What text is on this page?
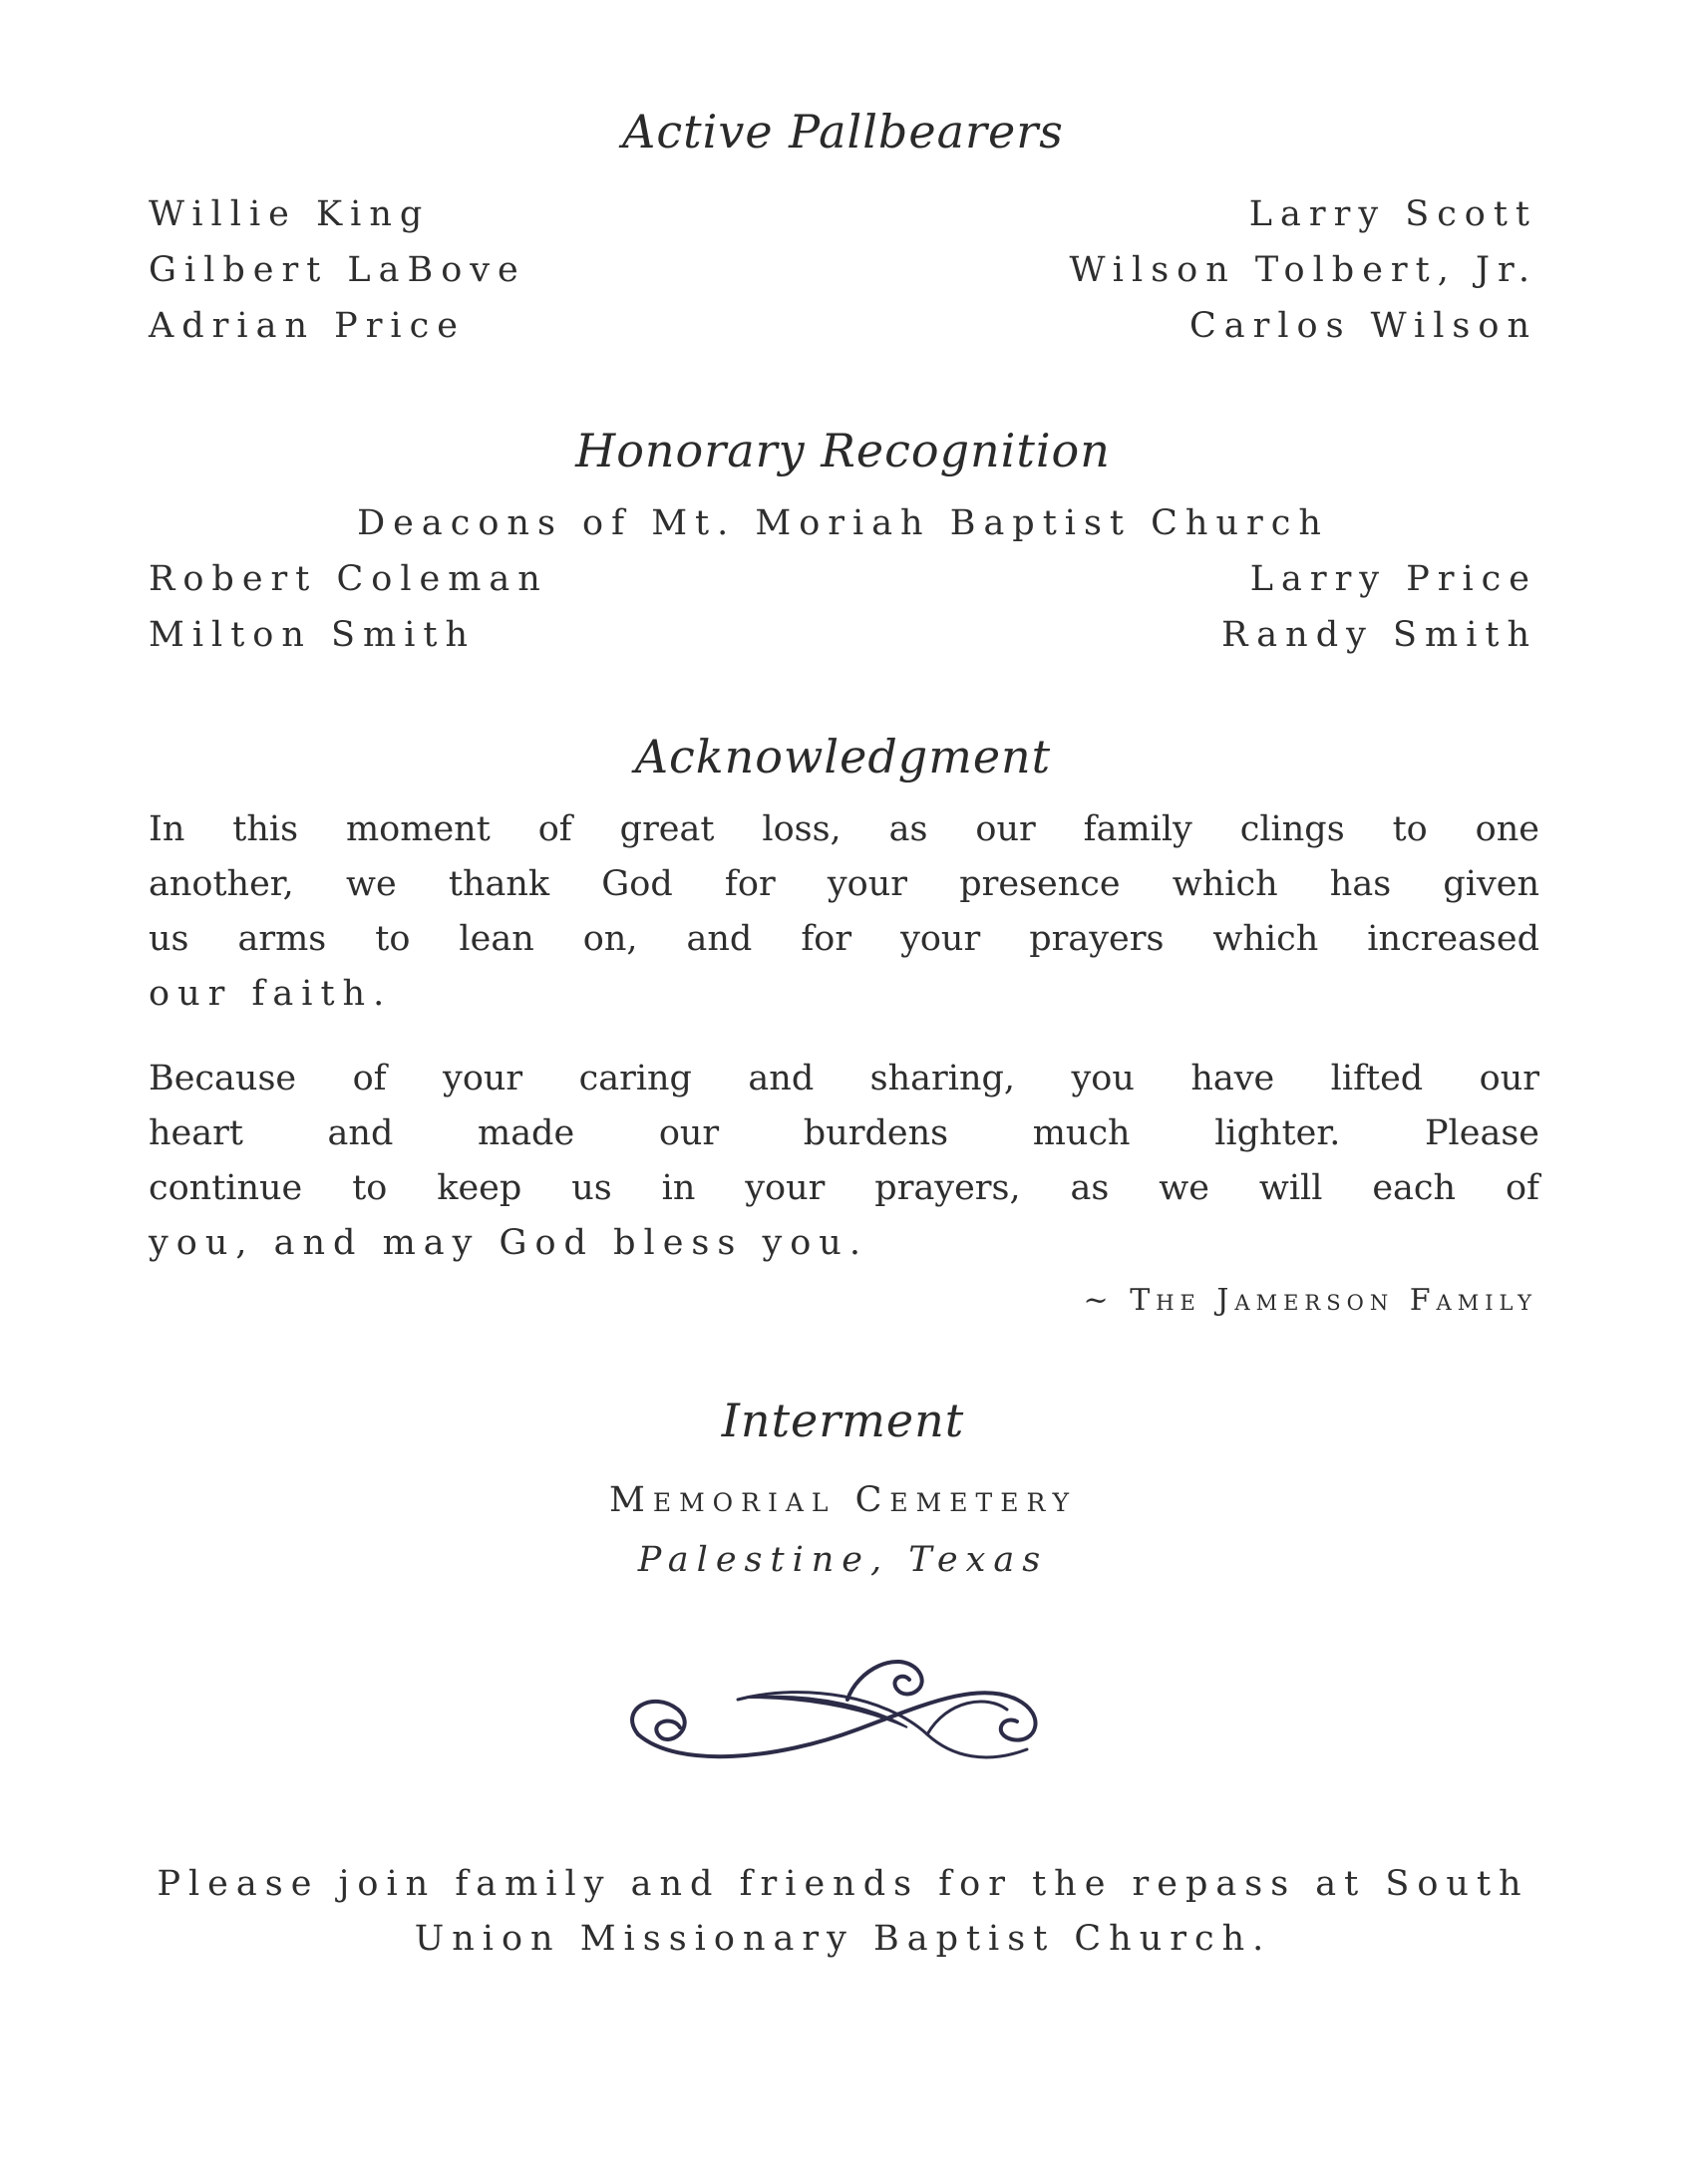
Active Pallbearers
Willie King
Gilbert LaBove
Adrian Price
Larry Scott
Wilson Tolbert, Jr.
Carlos Wilson
Honorary Recognition
Deacons of Mt. Moriah Baptist Church
Robert Coleman
Milton Smith
Larry Price
Randy Smith
Acknowledgment
In this moment of great loss, as our family clings to one
another, we thank God for your presence which has given
us arms to lean on, and for your prayers which increased
our faith.
Because of your caring and sharing, you have lifted our
heart and made our burdens much lighter. Please
continue to keep us in your prayers, as we will each of
you, and may God bless you.
~ The Jamerson Family
Interment
Memorial Cemetery
Palestine, Texas
Please join family and friends for the repass at South
Union Missionary Baptist Church.
